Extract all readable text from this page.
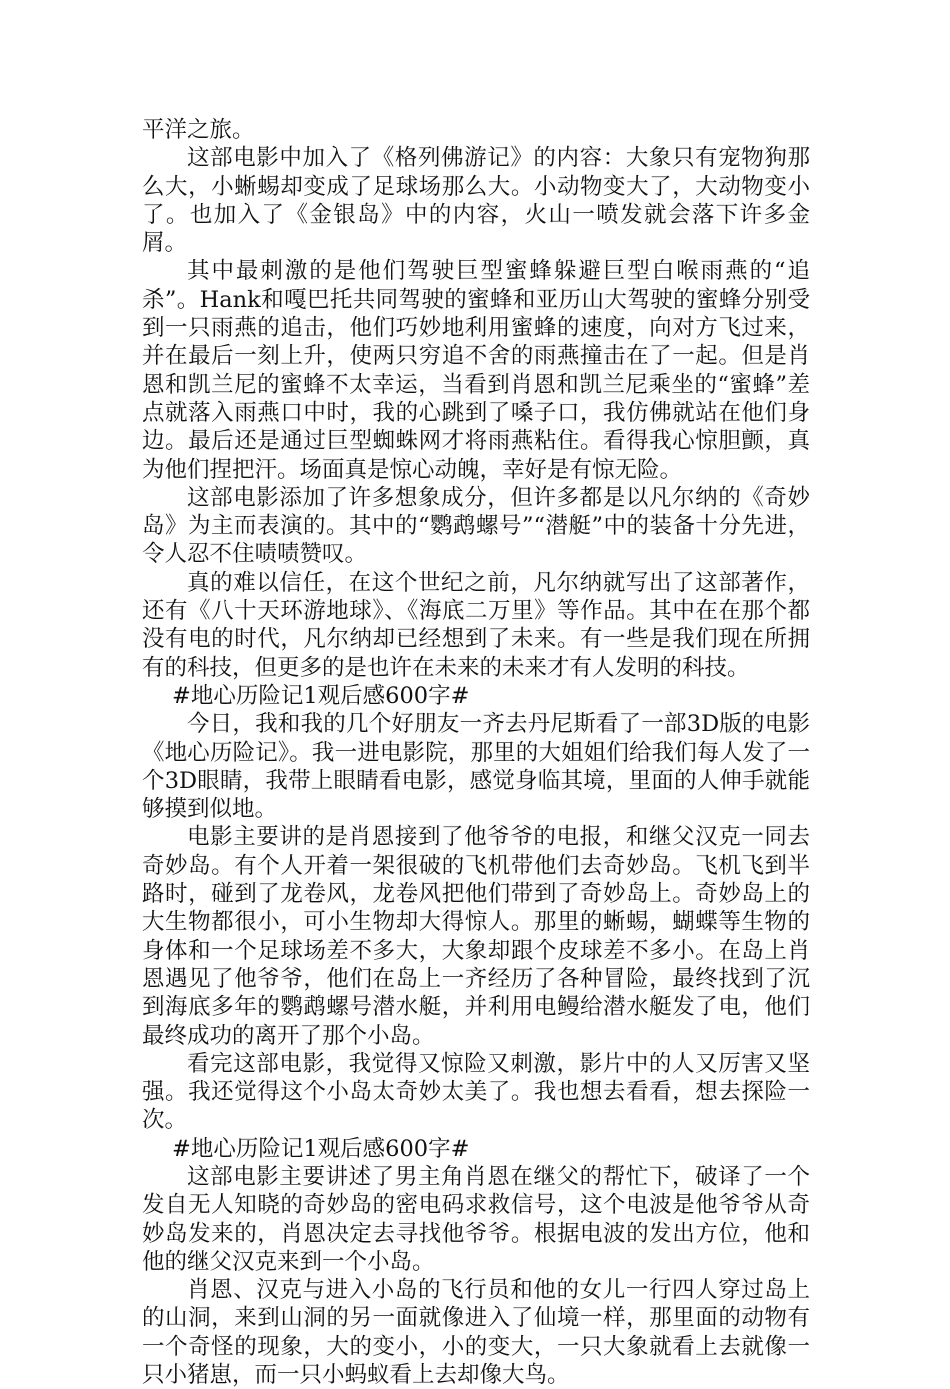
平洋之旅。

这部电影中加入了《格列佛游记》的内容：大象只有宠物狗那么大，小蜥蜴却变成了足球场那么大。小动物变大了，大动物变小了。也加入了《金银岛》中的内容，火山一喷发就会落下许多金屑。

其中最刺激的是他们驾驶巨型蜜蜂躲避巨型白喉雨燕的“追杀”。Hank和嘎巴托共同驾驶的蜜蜂和亚历山大驾驶的蜜蜂分别受到一只雨燕的追击，他们巧妙地利用蜜蜂的速度，向对方飞过来，并在最后一刻上升，使两只穷追不舍的雨燕撞击在了一起。但是肖恩和凯兰尼的蜜蜂不太幸运，当看到肖恩和凯兰尼乘坐的“蜜蜂”差点就落入雨燕口中时，我的心跳到了嗓子口，我仿佛就站在他们身边。最后还是通过巨型蜘蛛网才将雨燕粘住。看得我心惊胆颤，真为他们捏把汗。场面真是惊心动魄，幸好是有惊无险。

这部电影添加了许多想象成分，但许多都是以凡尔纳的《奇妙岛》为主而表演的。其中的“鹦鹉螺号”“潜艇”中的装备十分先进，令人忍不住啧啧赞叹。

真的难以信任，在这个世纪之前，凡尔纳就写出了这部著作，还有《八十天环游地球》、《海底二万里》等作品。其中在在那个都没有电的时代，凡尔纳却已经想到了未来。有一些是我们现在所拥有的科技，但更多的是也许在未来的未来才有人发明的科技。

#地心历险记1观后感600字#

今日，我和我的几个好朋友一齐去丹尼斯看了一部3D版的电影《地心历险记》。我一进电影院，那里的大姐姐们给我们每人发了一个3D眼睛，我带上眼睛看电影，感觉身临其境，里面的人伸手就能够摸到似地。

电影主要讲的是肖恩接到了他爷爷的电报，和继父汉克一同去奇妙岛。有个人开着一架很破的飞机带他们去奇妙岛。飞机飞到半路时，碰到了龙卷风，龙卷风把他们带到了奇妙岛上。奇妙岛上的大生物都很小，可小生物却大得惊人。那里的蜥蜴，蝴蝶等生物的身体和一个足球场差不多大，大象却跟个皮球差不多小。在岛上肖恩遇见了他爷爷，他们在岛上一齐经历了各种冒险，最终找到了沉到海底多年的鹦鹉螺号潜水艇，并利用电鳗给潜水艇发了电，他们最终成功的离开了那个小岛。

看完这部电影，我觉得又惊险又刺激，影片中的人又厉害又坚强。我还觉得这个小岛太奇妙太美了。我也想去看看，想去探险一次。

#地心历险记1观后感600字#

这部电影主要讲述了男主角肖恩在继父的帮忙下，破译了一个发自无人知晓的奇妙岛的密电码求救信号，这个电波是他爷爷从奇妙岛发来的，肖恩决定去寻找他爷爷。根据电波的发出方位，他和他的继父汉克来到一个小岛。

肖恩、汉克与进入小岛的飞行员和他的女儿一行四人穿过岛上的山洞，来到山洞的另一面就像进入了仙境一样，那里面的动物有一个奇怪的现象，大的变小，小的变大，一只大象就看上去就像一只小猪崽，而一只小蚂蚁看上去却像大鸟。
